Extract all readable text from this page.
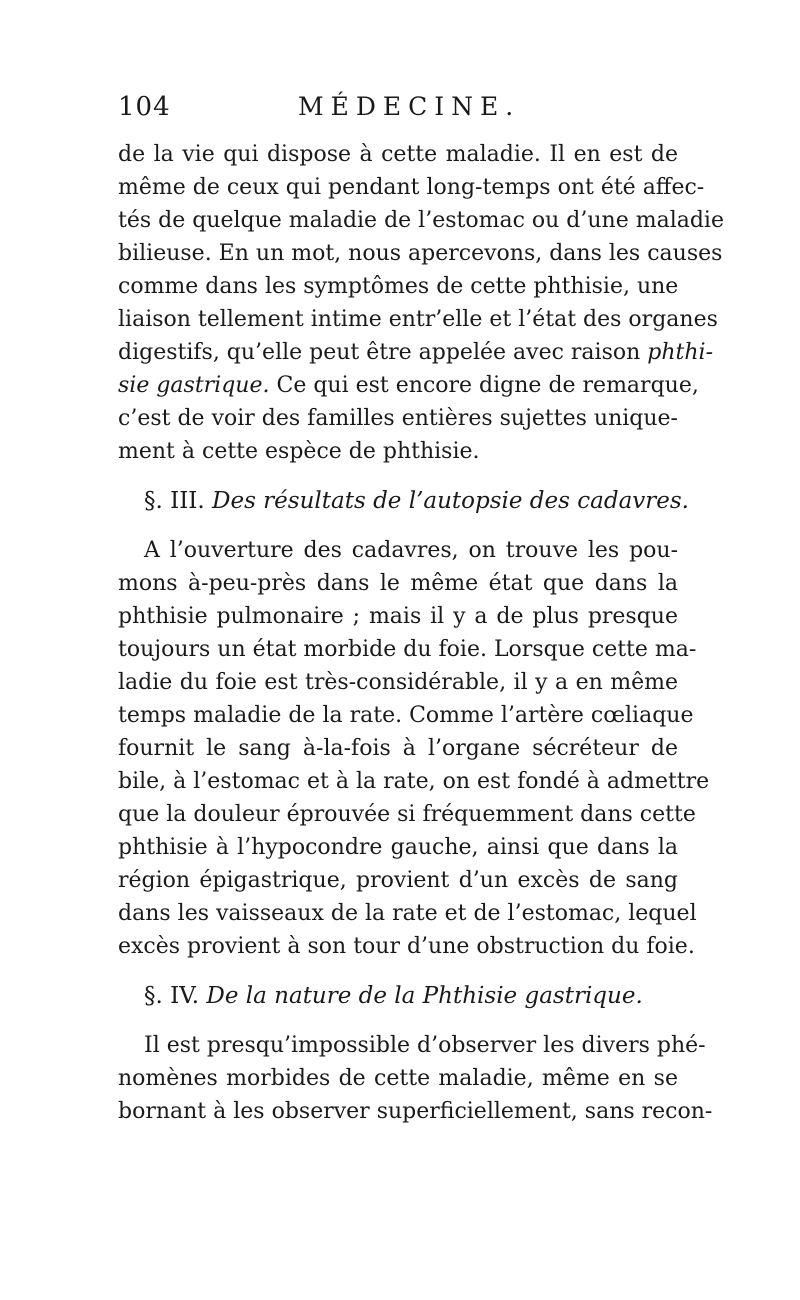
104	MÉDECINE.
de la vie qui dispose à cette maladie. Il en est de
même de ceux qui pendant long-temps ont été affec-
tés de quelque maladie de l’estomac ou d’une maladie
bilieuse. En un mot, nous apercevons, dans les causes
comme dans les symptômes de cette phthisie, une
liaison tellement intime entr’elle et l’état des organes
digestifs, qu’elle peut être appelée avec raison phthi-
sie gastrique. Ce qui est encore digne de remarque,
c’est de voir des familles entières sujettes unique-
ment à cette espèce de phthisie.
§. III. Des résultats de l’autopsie des cadavres.
A l’ouverture des cadavres, on trouve les pou-
mons à-peu-près dans le même état que dans la
phthisie pulmonaire ; mais il y a de plus presque
toujours un état morbide du foie. Lorsque cette ma-
ladie du foie est très-considérable, il y a en même
temps maladie de la rate. Comme l’artère cœliaque
fournit le sang à-la-fois à l’organe sécréteur de
bile, à l’estomac et à la rate, on est fondé à admettre
que la douleur éprouvée si fréquemment dans cette
phthisie à l’hypocondre gauche, ainsi que dans la
région épigastrique, provient d’un excès de sang
dans les vaisseaux de la rate et de l’estomac, lequel
excès provient à son tour d’une obstruction du foie.
§. IV. De la nature de la Phthisie gastrique.
Il est presqu’impossible d’observer les divers phé-
nomènes morbides de cette maladie, même en se
bornant à les observer superficiellement, sans recon-
